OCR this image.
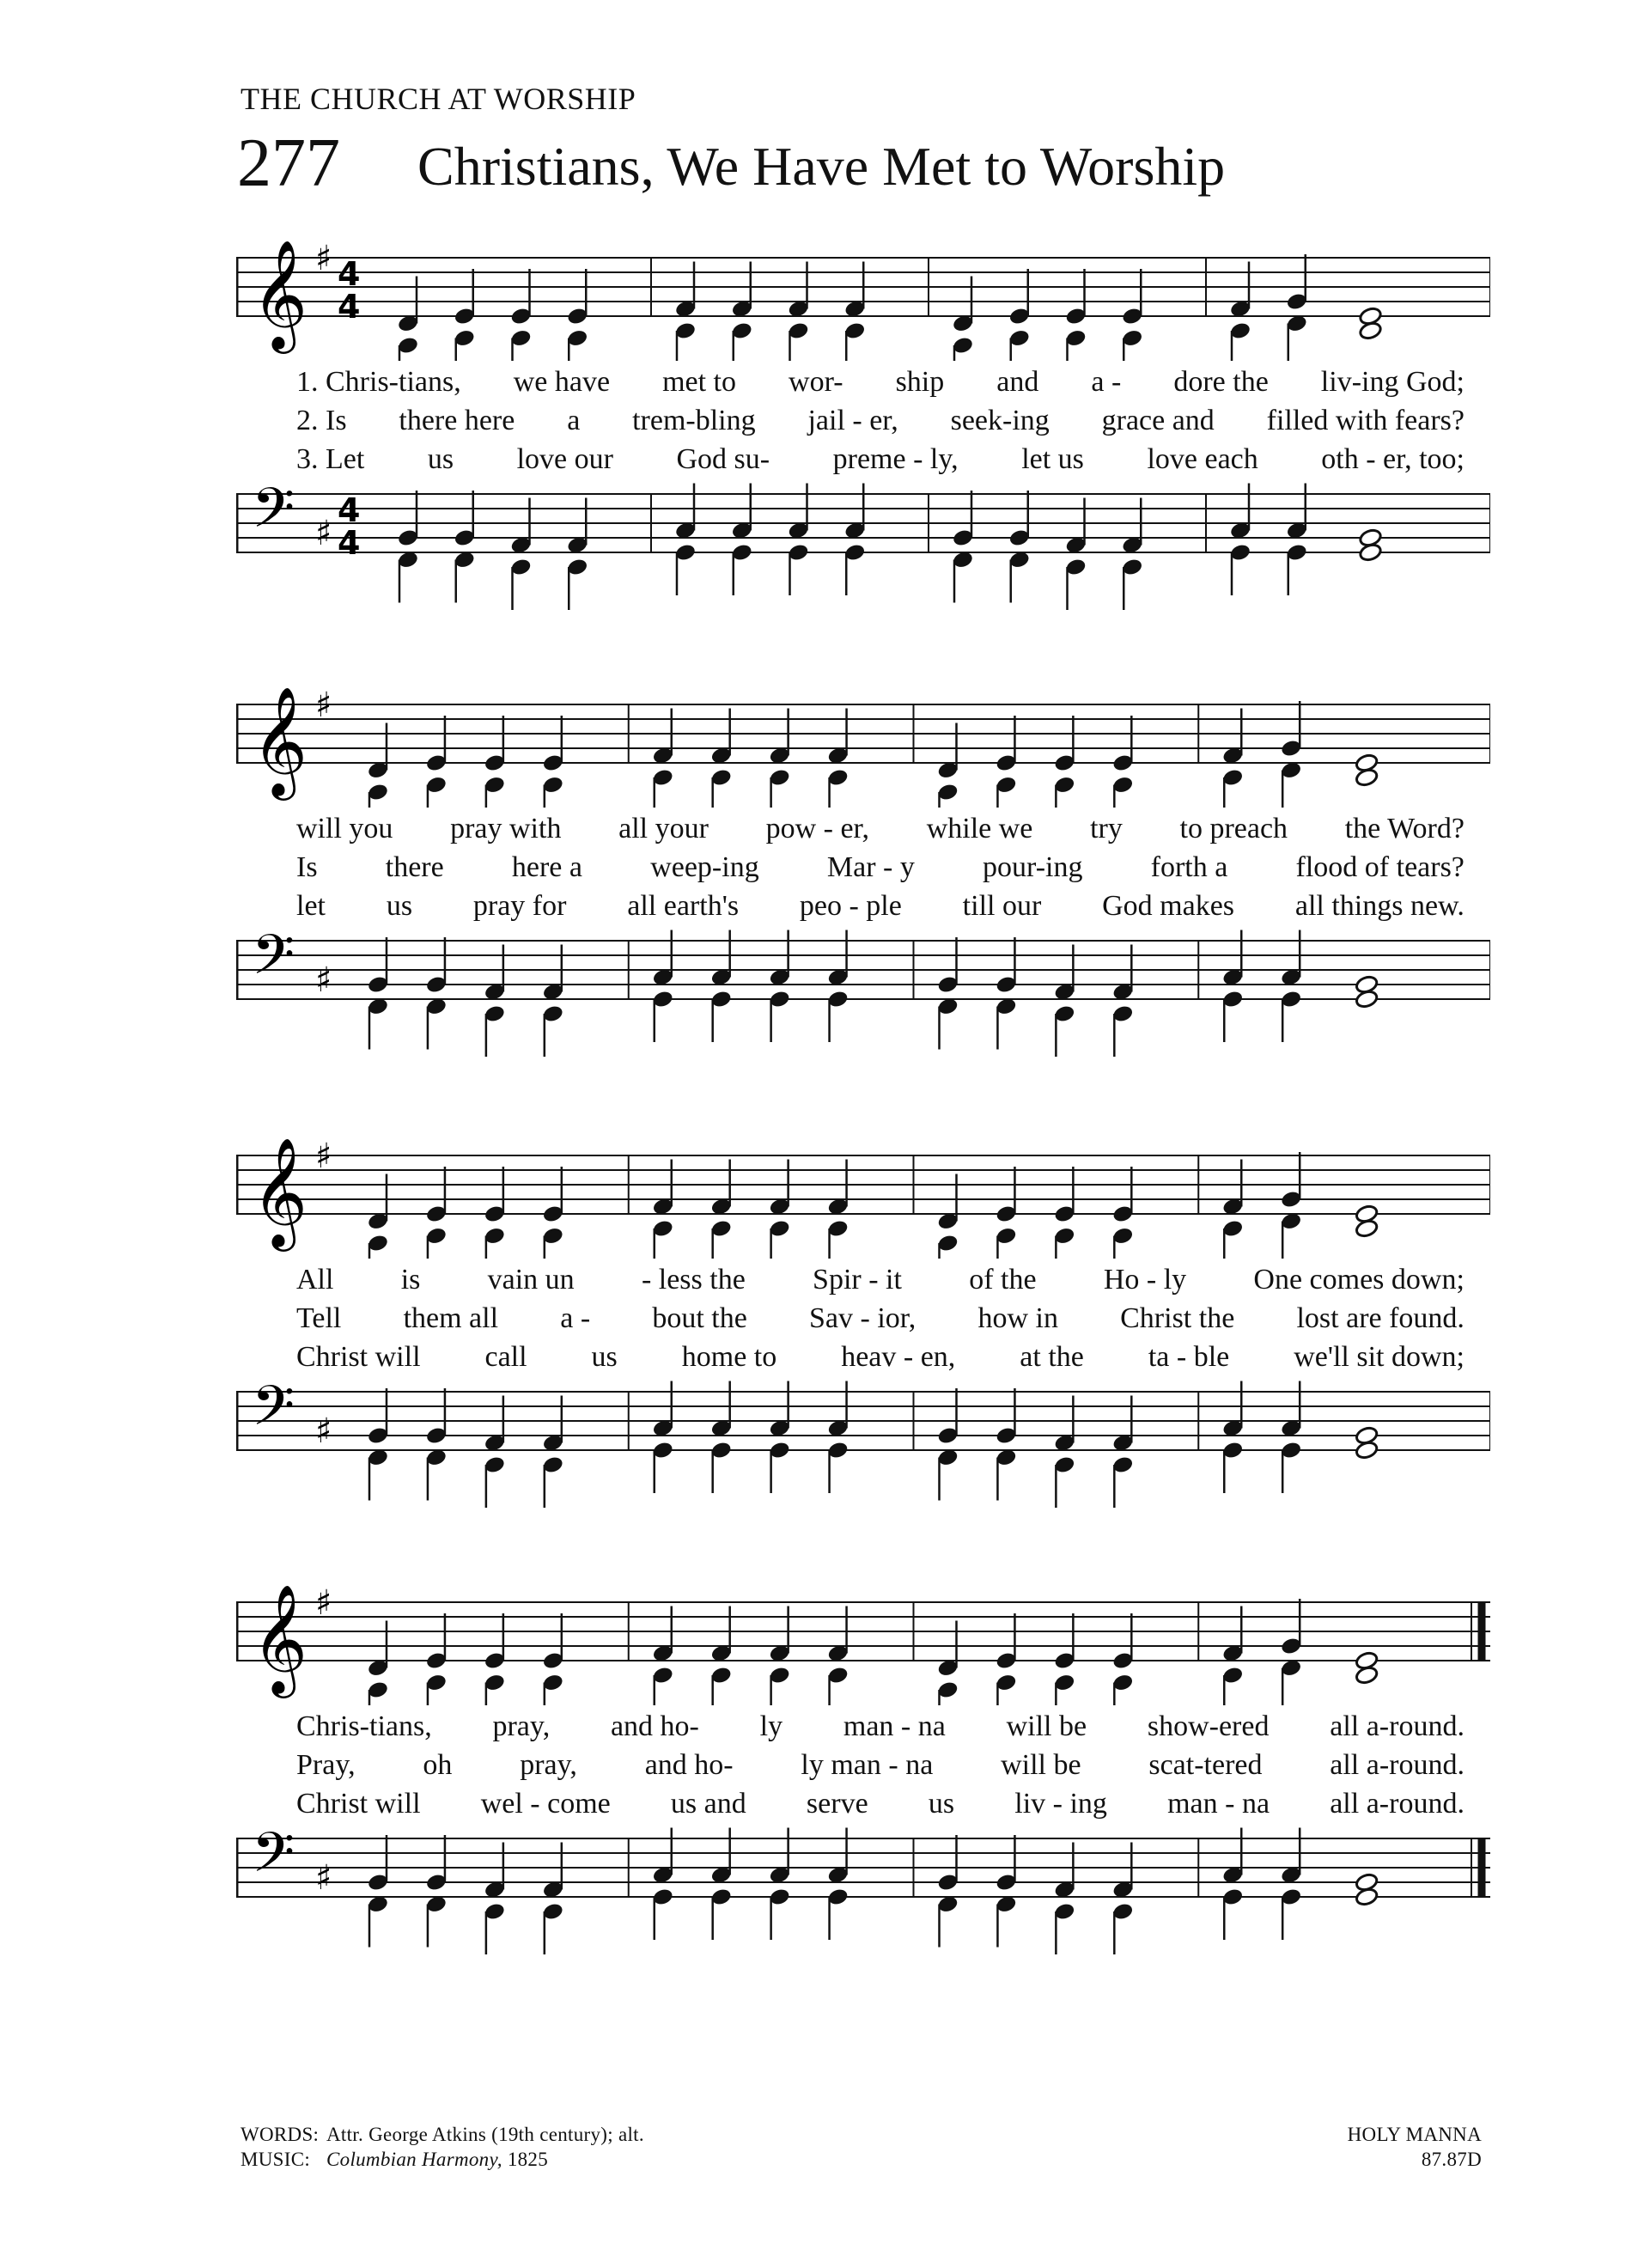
THE CHURCH AT WORSHIP
277 Christians, We Have Met to Worship
𝄞 ♯ 4
4
1. Chris-tians, we have met to wor- ship and a - dore the liv-ing God;
2. Is there here a trem-bling jail - er, seek-ing grace and filled with fears?
3. Let us love our God su- preme - ly, let us love each oth - er, too;
𝄢 ♯
4
4
𝄞 ♯
will you pray with all your pow - er, while we try to preach the Word?
Is there here a weep-ing Mar - y pour-ing forth a flood of tears?
let us pray for all earth's peo - ple till our God makes all things new.
𝄢 ♯
𝄞 ♯
All is vain un - less the Spir - it of the Ho - ly One comes down;
Tell them all a - bout the Sav - ior, how in Christ the lost are found.
Christ will call us home to heav - en, at the ta - ble we'll sit down;
𝄢 ♯
𝄞 ♯
Chris-tians, pray, and ho- ly man - na will be show-ered all a-round.
Pray, oh pray, and ho- ly man - na will be scat-tered all a-round.
Christ will wel - come us and serve us liv - ing man - na all a-round.
𝄢 ♯
WORDS: Attr. George Atkins (19th century); alt.
MUSIC: Columbian Harmony, 1825
HOLY MANNA
87.87D
